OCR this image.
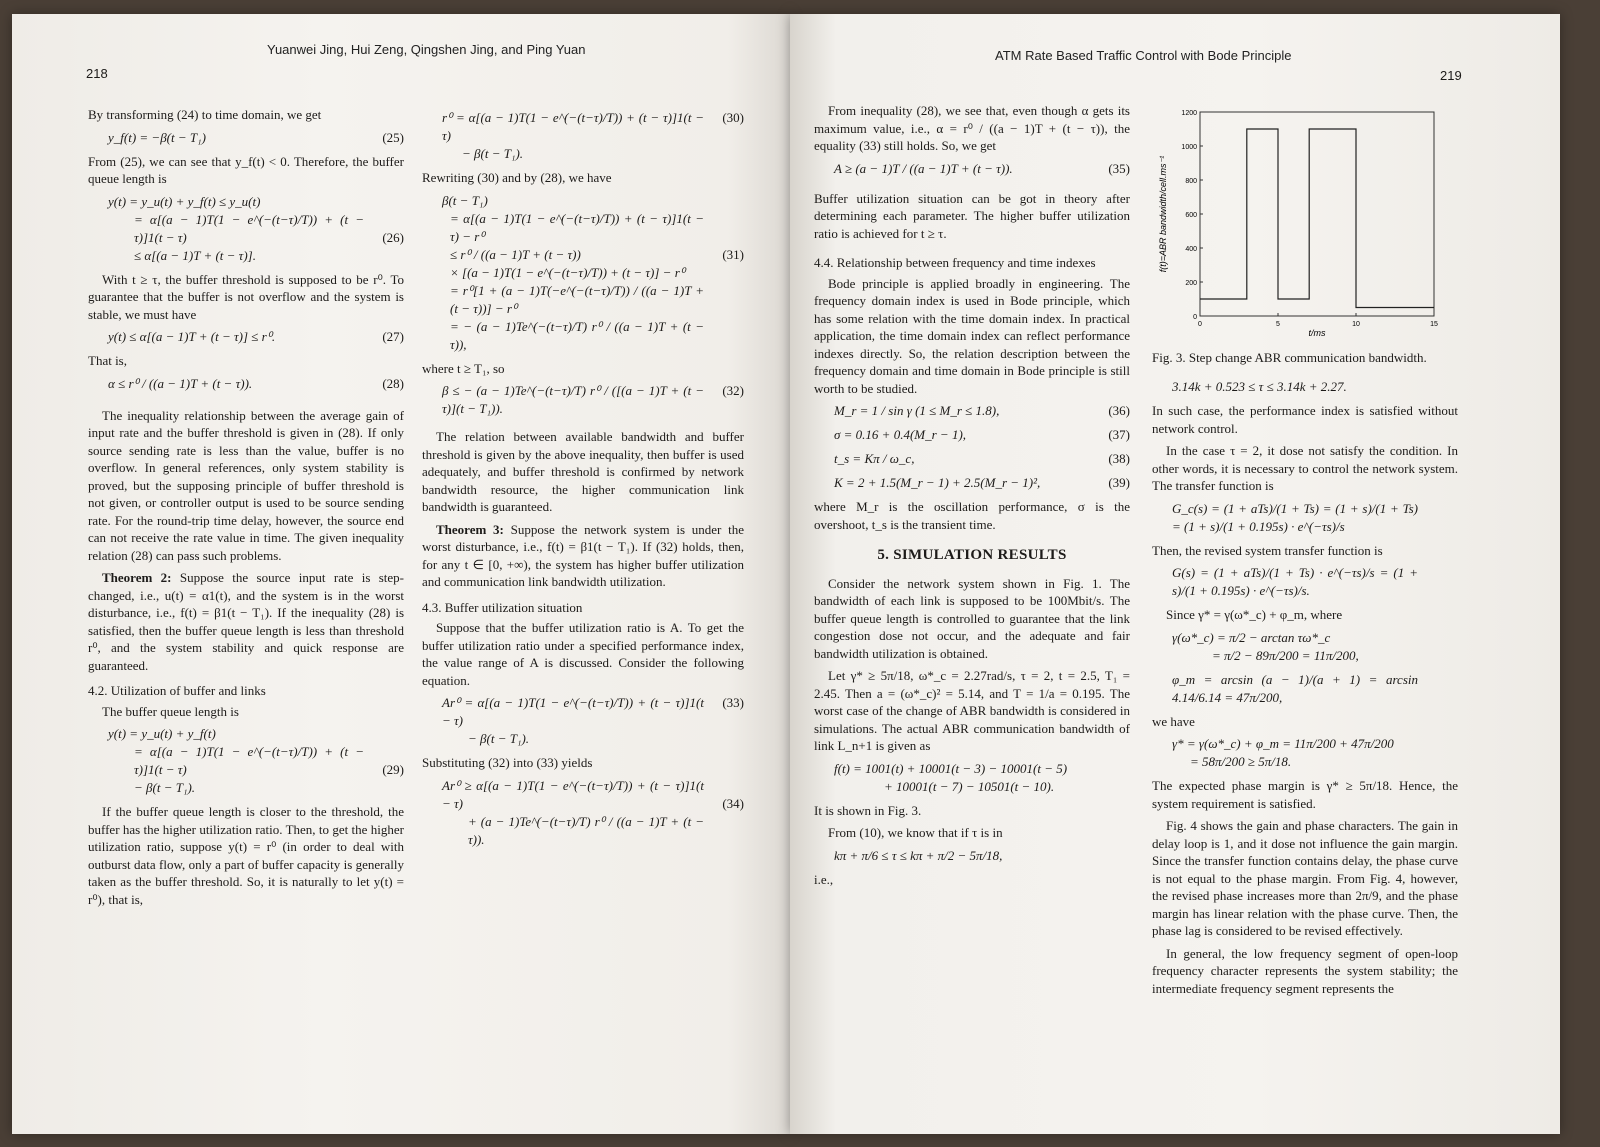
218
Yuanwei Jing, Hui Zeng, Qingshen Jing, and Ping Yuan

By transforming (24) to time domain, we get

y_f(t) = −β(t − T₁)	(25)

From (25), we can see that y_f(t) < 0. Therefore, the buffer queue length is

y(t) = y_u(t) + y_f(t) ≤ y_u(t)
= α[(a − 1)T(1 − e^(−(t−τ)/T)) + (t − τ)]1(t − τ)
≤ α[(a − 1)T + (t − τ)].
(26)

With t ≥ τ, the buffer threshold is supposed to be r⁰. To guarantee that the buffer is not overflow and the system is stable, we must have

y(t) ≤ α[(a − 1)T + (t − τ)] ≤ r⁰.	(27)

That is,

α ≤ r⁰ / ((a − 1)T + (t − τ)).	(28)

The inequality relationship between the average gain of input rate and the buffer threshold is given in (28). If only source sending rate is less than the value, buffer is no overflow. In general references, only system stability is proved, but the supposing principle of buffer threshold is not given, or controller output is used to be source sending rate. For the round-trip time delay, however, the source end can not receive the rate value in time. The given inequality relation (28) can pass such problems.

Theorem 2: Suppose the source input rate is step-changed, i.e., u(t) = α1(t), and the system is in the worst disturbance, i.e., f(t) = β1(t − T₁). If the inequality (28) is satisfied, then the buffer queue length is less than threshold r⁰, and the system stability and quick response are guaranteed.

4.2. Utilization of buffer and links

The buffer queue length is

y(t) = y_u(t) + y_f(t)
= α[(a − 1)T(1 − e^(−(t−τ)/T)) + (t − τ)]1(t − τ)
− β(t − T₁).
(29)

If the buffer queue length is closer to the threshold, the buffer has the higher utilization ratio. Then, to get the higher utilization ratio, suppose y(t) = r⁰ (in order to deal with outburst data flow, only a part of buffer capacity is generally taken as the buffer threshold. So, it is naturally to let y(t) = r⁰), that is,

r⁰ = α[(a − 1)T(1 − e^(−(t−τ)/T)) + (t − τ)]1(t − τ)
− β(t − T₁).
(30)

Rewriting (30) and by (28), we have

β(t − T₁)
= α[(a − 1)T(1 − e^(−(t−τ)/T)) + (t − τ)]1(t − τ) − r⁰
≤ r⁰ / ((a − 1)T + (t − τ))
× [(a − 1)T(1 − e^(−(t−τ)/T)) + (t − τ)] − r⁰
= r⁰[1 + (a − 1)T(−e^(−(t−τ)/T)) / ((a − 1)T + (t − τ))] − r⁰
= − (a − 1)Te^(−(t−τ)/T) r⁰ / ((a − 1)T + (t − τ)),
(31)

where t ≥ T₁, so

β ≤ − (a − 1)Te^(−(t−τ)/T) r⁰ / ([(a − 1)T + (t − τ)](t − T₁)).
(32)

The relation between available bandwidth and buffer threshold is given by the above inequality, then buffer is used adequately, and buffer threshold is confirmed by network bandwidth resource, the higher communication link bandwidth is guaranteed.

Theorem 3: Suppose the network system is under the worst disturbance, i.e., f(t) = β1(t − T₁). If (32) holds, then, for any t ∈ [0, +∞), the system has higher buffer utilization and communication link bandwidth utilization.

4.3. Buffer utilization situation

Suppose that the buffer utilization ratio is A. To get the buffer utilization ratio under a specified performance index, the value range of A is discussed. Consider the following equation.

Ar⁰ = α[(a − 1)T(1 − e^(−(t−τ)/T)) + (t − τ)]1(t − τ)
− β(t − T₁).
(33)

Substituting (32) into (33) yields

Ar⁰ ≥ α[(a − 1)T(1 − e^(−(t−τ)/T)) + (t − τ)]1(t − τ)
+ (a − 1)Te^(−(t−τ)/T) r⁰ / ((a − 1)T + (t − τ)).
(34)
ATM Rate Based Traffic Control with Bode Principle
219

From inequality (28), we see that, even though α gets its maximum value, i.e., α = r⁰ / ((a − 1)T + (t − τ)), the equality (33) still holds. So, we get

A ≥ (a − 1)T / ((a − 1)T + (t − τ)).	(35)

Buffer utilization situation can be got in theory after determining each parameter. The higher buffer utilization ratio is achieved for t ≥ τ.

4.4. Relationship between frequency and time indexes

Bode principle is applied broadly in engineering. The frequency domain index is used in Bode principle, which has some relation with the time domain index. In practical application, the time domain index can reflect performance indexes directly. So, the relation description between the frequency domain and time domain in Bode principle is still worth to be studied.

M_r = 1 / sin γ (1 ≤ M_r ≤ 1.8),	(36)
σ = 0.16 + 0.4(M_r − 1),	(37)
t_s = Kπ / ω_c,	(38)
K = 2 + 1.5(M_r − 1) + 2.5(M_r − 1)²,	(39)

where M_r is the oscillation performance, σ is the overshoot, t_s is the transient time.

5. SIMULATION RESULTS

Consider the network system shown in Fig. 1. The bandwidth of each link is supposed to be 100Mbit/s. The buffer queue length is controlled to guarantee that the link congestion dose not occur, and the adequate and fair bandwidth utilization is obtained.

Let γ* ≥ 5π/18, ω*_c = 2.27rad/s, τ = 2, t = 2.5, T₁ = 2.45. Then a = (ω*_c)² = 5.14, and T = 1/a = 0.195. The worst case of the change of ABR bandwidth is considered in simulations. The actual ABR communication bandwidth of link L_n+1 is given as

f(t) = 1001(t) + 10001(t − 3) − 10001(t − 5)
+ 10001(t − 7) − 10501(t − 10).

It is shown in Fig. 3.

From (10), we know that if τ is in

kπ + π/6 ≤ τ ≤ kπ + π/2 − 5π/18,

i.e.,

0
200
400
600
800
1000
1200
0	5	10	15
f(t)=ABR bandwidth/cell.ms⁻¹
t/ms

Fig. 3. Step change ABR communication bandwidth.

3.14k + 0.523 ≤ τ ≤ 3.14k + 2.27.

In such case, the performance index is satisfied without network control.

In the case τ = 2, it dose not satisfy the condition. In other words, it is necessary to control the network system. The transfer function is

G_c(s) = (1 + aTs)/(1 + Ts) = (1 + s)/(1 + Ts) = (1 + s)/(1 + 0.195s) · e^(−τs)/s

Then, the revised system transfer function is

G(s) = (1 + aTs)/(1 + Ts) · e^(−τs)/s = (1 + s)/(1 + 0.195s) · e^(−τs)/s.

Since γ* = γ(ω*_c) + φ_m, where

γ(ω*_c) = π/2 − arctan τω*_c
= π/2 − 89π/200 = 11π/200,
φ_m = arcsin (a − 1)/(a + 1) = arcsin 4.14/6.14 = 47π/200,

we have

γ* = γ(ω*_c) + φ_m = 11π/200 + 47π/200
= 58π/200 ≥ 5π/18.

The expected phase margin is γ* ≥ 5π/18. Hence, the system requirement is satisfied.

Fig. 4 shows the gain and phase characters. The gain in delay loop is 1, and it dose not influence the gain margin. Since the transfer function contains delay, the phase curve is not equal to the phase margin. From Fig. 4, however, the revised phase increases more than 2π/9, and the phase margin has linear relation with the phase curve. Then, the phase lag is considered to be revised effectively.

In general, the low frequency segment of open-loop frequency character represents the system stability; the intermediate frequency segment represents the
